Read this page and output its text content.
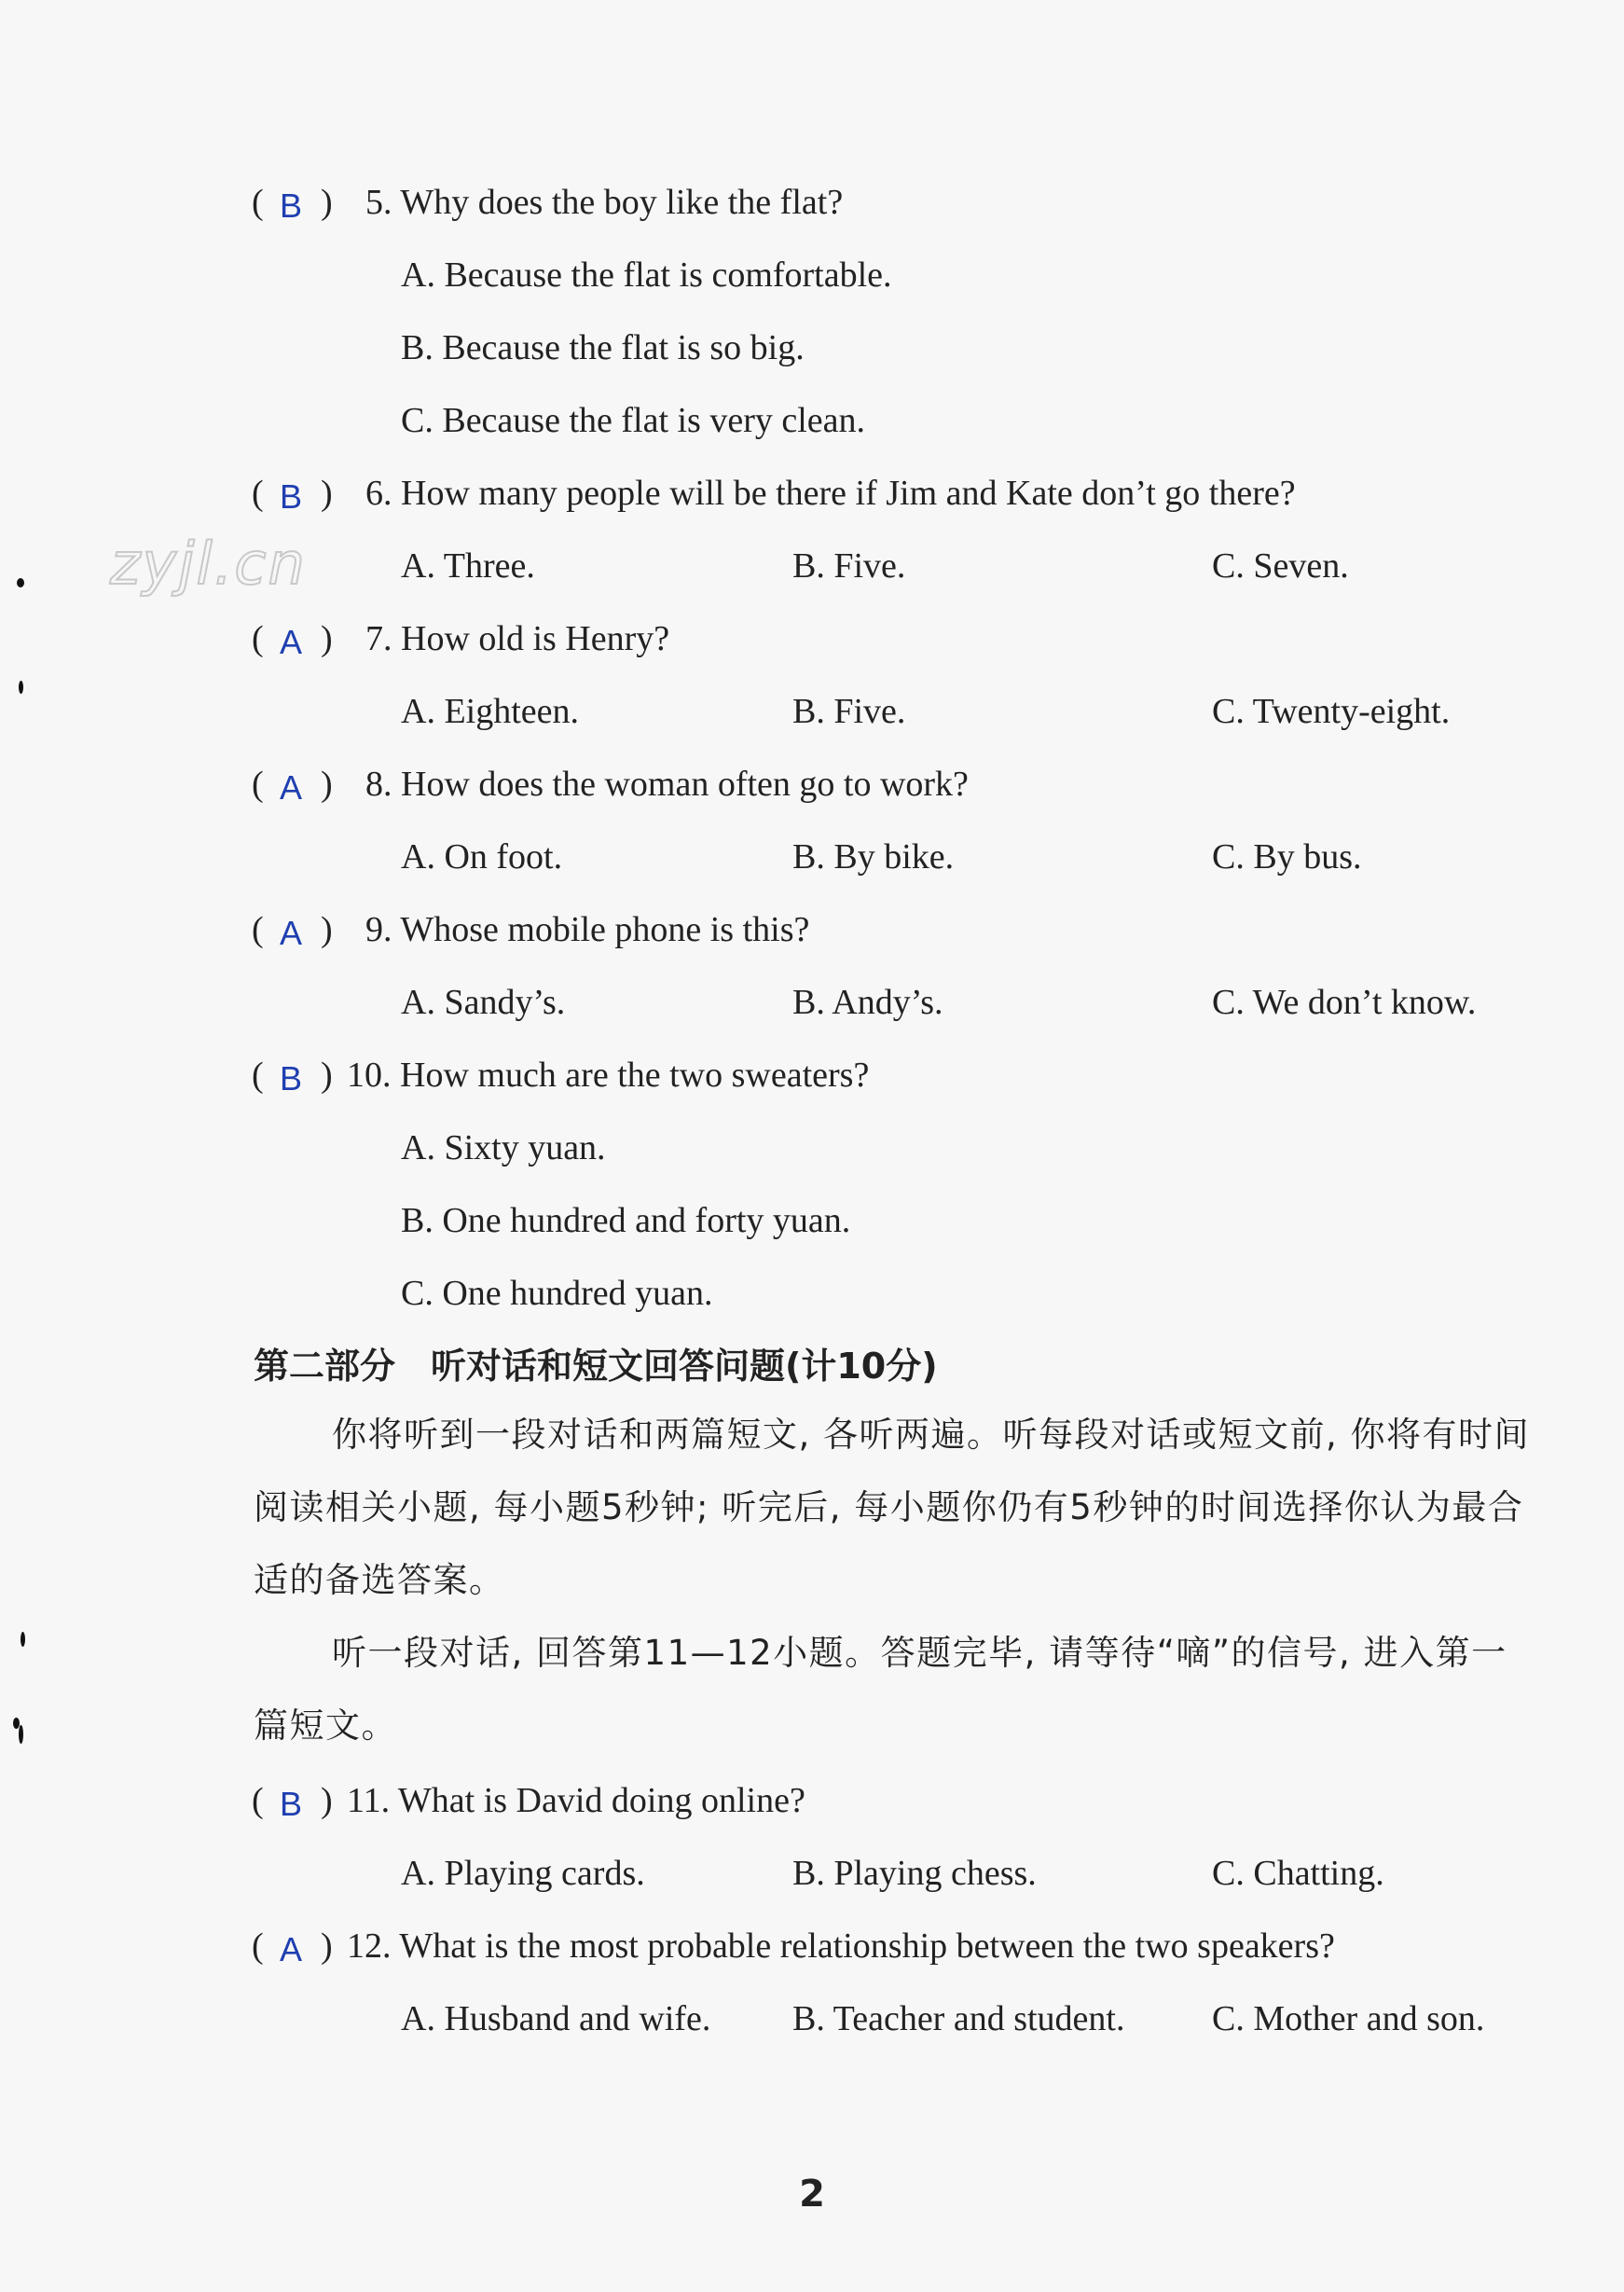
zyjl.cn
( B ) 5. Why does the boy like the flat?
A. Because the flat is comfortable.
B. Because the flat is so big.
C. Because the flat is very clean.
( B ) 6. How many people will be there if Jim and Kate don’t go there?
A. Three.	B. Five.	C. Seven.
( A ) 7. How old is Henry?
A. Eighteen.	B. Five.	C. Twenty-eight.
( A ) 8. How does the woman often go to work?
A. On foot.	B. By bike.	C. By bus.
( A ) 9. Whose mobile phone is this?
A. Sandy’s.	B. Andy’s.	C. We don’t know.
( B ) 10. How much are the two sweaters?
A. Sixty yuan.
B. One hundred and forty yuan.
C. One hundred yuan.
第二部分　听对话和短文回答问题(计10分)
你将听到一段对话和两篇短文, 各听两遍。听每段对话或短文前, 你将有时间阅读相关小题, 每小题5秒钟; 听完后, 每小题你仍有5秒钟的时间选择你认为最合适的备选答案。
听一段对话, 回答第11—12小题。答题完毕, 请等待“嘀”的信号, 进入第一篇短文。
( B ) 11. What is David doing online?
A. Playing cards.	B. Playing chess.	C. Chatting.
( A ) 12. What is the most probable relationship between the two speakers?
A. Husband and wife. B. Teacher and student. C. Mother and son.
2
